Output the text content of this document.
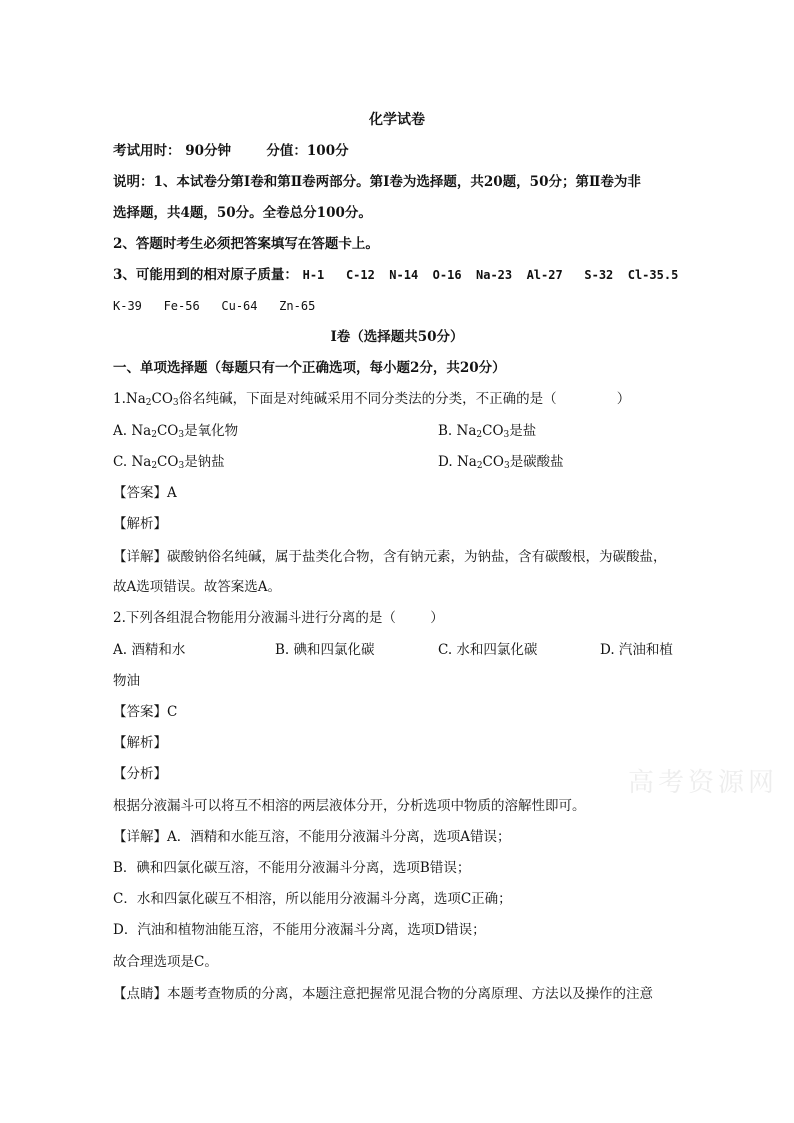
化学试卷
考试用时： 90分钟	分值：100分
说明：1、本试卷分第Ⅰ卷和第Ⅱ卷两部分。第Ⅰ卷为选择题，共20题，50分；第Ⅱ卷为非
选择题，共4题，50分。全卷总分100分。
2、答题时考生必须把答案填写在答题卡上。
3、可能用到的相对原子质量： H-1   C-12  N-14  O-16  Na-23  Al-27   S-32  Cl-35.5
K-39   Fe-56   Cu-64   Zn-65
I卷（选择题共50分）
一、单项选择题（每题只有一个正确选项，每小题2分，共20分）
$1.Na_2CO_3$俗名纯碱，下面是对纯碱采用不同分类法的分类，不正确的是（              ）
A. $Na_2CO_3$是氧化物	B. $Na_2CO_3$是盐
C. $Na_2CO_3$是钠盐	D. $Na_2CO_3$是碳酸盐
【答案】A
【解析】
【详解】碳酸钠俗名纯碱，属于盐类化合物，含有钠元素，为钠盐，含有碳酸根，为碳酸盐，
故A选项错误。故答案选A。
2.下列各组混合物能用分液漏斗进行分离的是（        ）
A. 酒精和水	B. 碘和四氯化碳	C. 水和四氯化碳	D. 汽油和植
物油
【答案】C
【解析】
【分析】
根据分液漏斗可以将互不相溶的两层液体分开，分析选项中物质的溶解性即可。
【详解】A．酒精和水能互溶，不能用分液漏斗分离，选项A错误；
B．碘和四氯化碳互溶，不能用分液漏斗分离，选项B错误；
C．水和四氯化碳互不相溶，所以能用分液漏斗分离，选项C正确；
D．汽油和植物油能互溶，不能用分液漏斗分离，选项D错误；
故合理选项是C。
【点睛】本题考查物质的分离，本题注意把握常见混合物的分离原理、方法以及操作的注意
高考资源网
